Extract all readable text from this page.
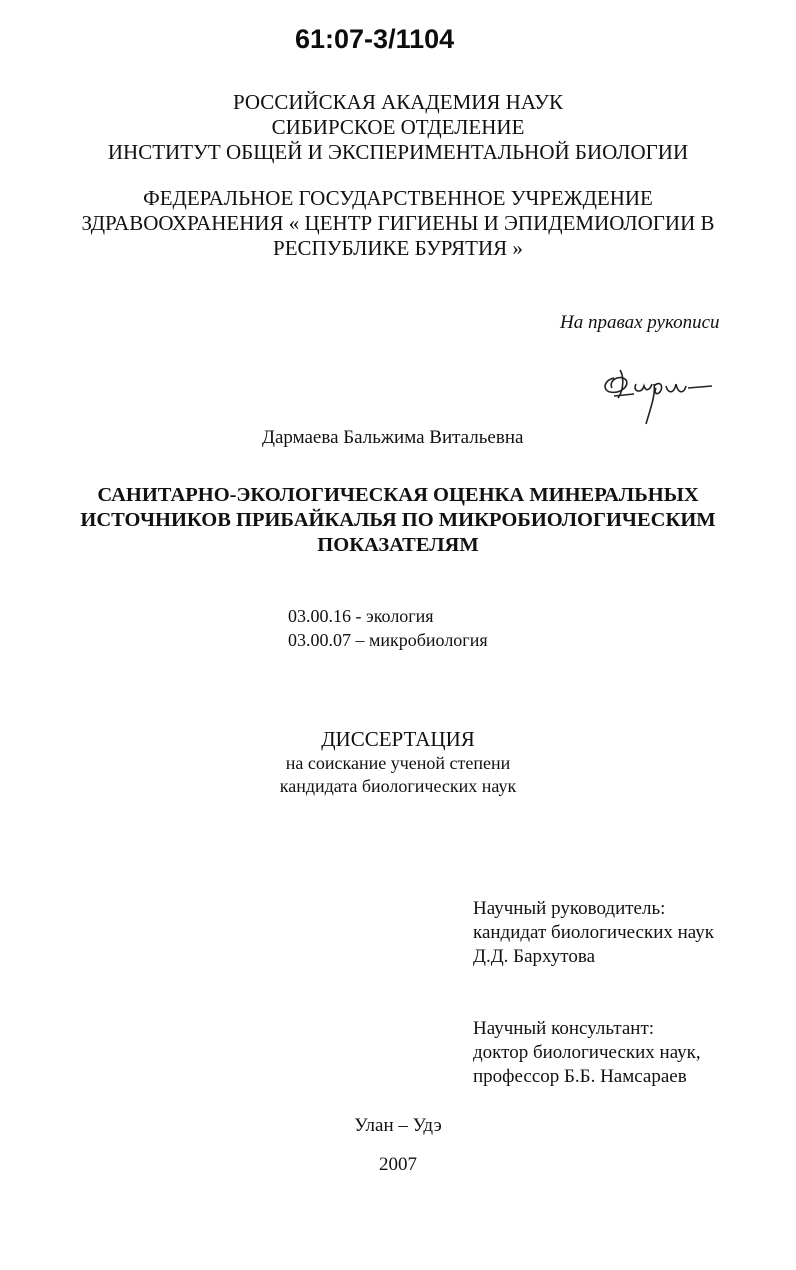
61:07-3/1104
РОССИЙСКАЯ АКАДЕМИЯ НАУК
СИБИРСКОЕ ОТДЕЛЕНИЕ
ИНСТИТУТ ОБЩЕЙ И ЭКСПЕРИМЕНТАЛЬНОЙ БИОЛОГИИ
ФЕДЕРАЛЬНОЕ ГОСУДАРСТВЕННОЕ УЧРЕЖДЕНИЕ
ЗДРАВООХРАНЕНИЯ « ЦЕНТР ГИГИЕНЫ И ЭПИДЕМИОЛОГИИ В
РЕСПУБЛИКЕ БУРЯТИЯ »
На правах рукописи
Дармаева Бальжима Витальевна
САНИТАРНО-ЭКОЛОГИЧЕСКАЯ ОЦЕНКА МИНЕРАЛЬНЫХ
ИСТОЧНИКОВ ПРИБАЙКАЛЬЯ ПО МИКРОБИОЛОГИЧЕСКИМ
ПОКАЗАТЕЛЯМ
03.00.16 - экология
03.00.07 – микробиология
ДИССЕРТАЦИЯ
на соискание ученой степени
кандидата биологических наук
Научный руководитель:
кандидат биологических наук
Д.Д. Бархутова
Научный консультант:
доктор биологических наук,
профессор Б.Б. Намсараев
Улан – Удэ
2007
